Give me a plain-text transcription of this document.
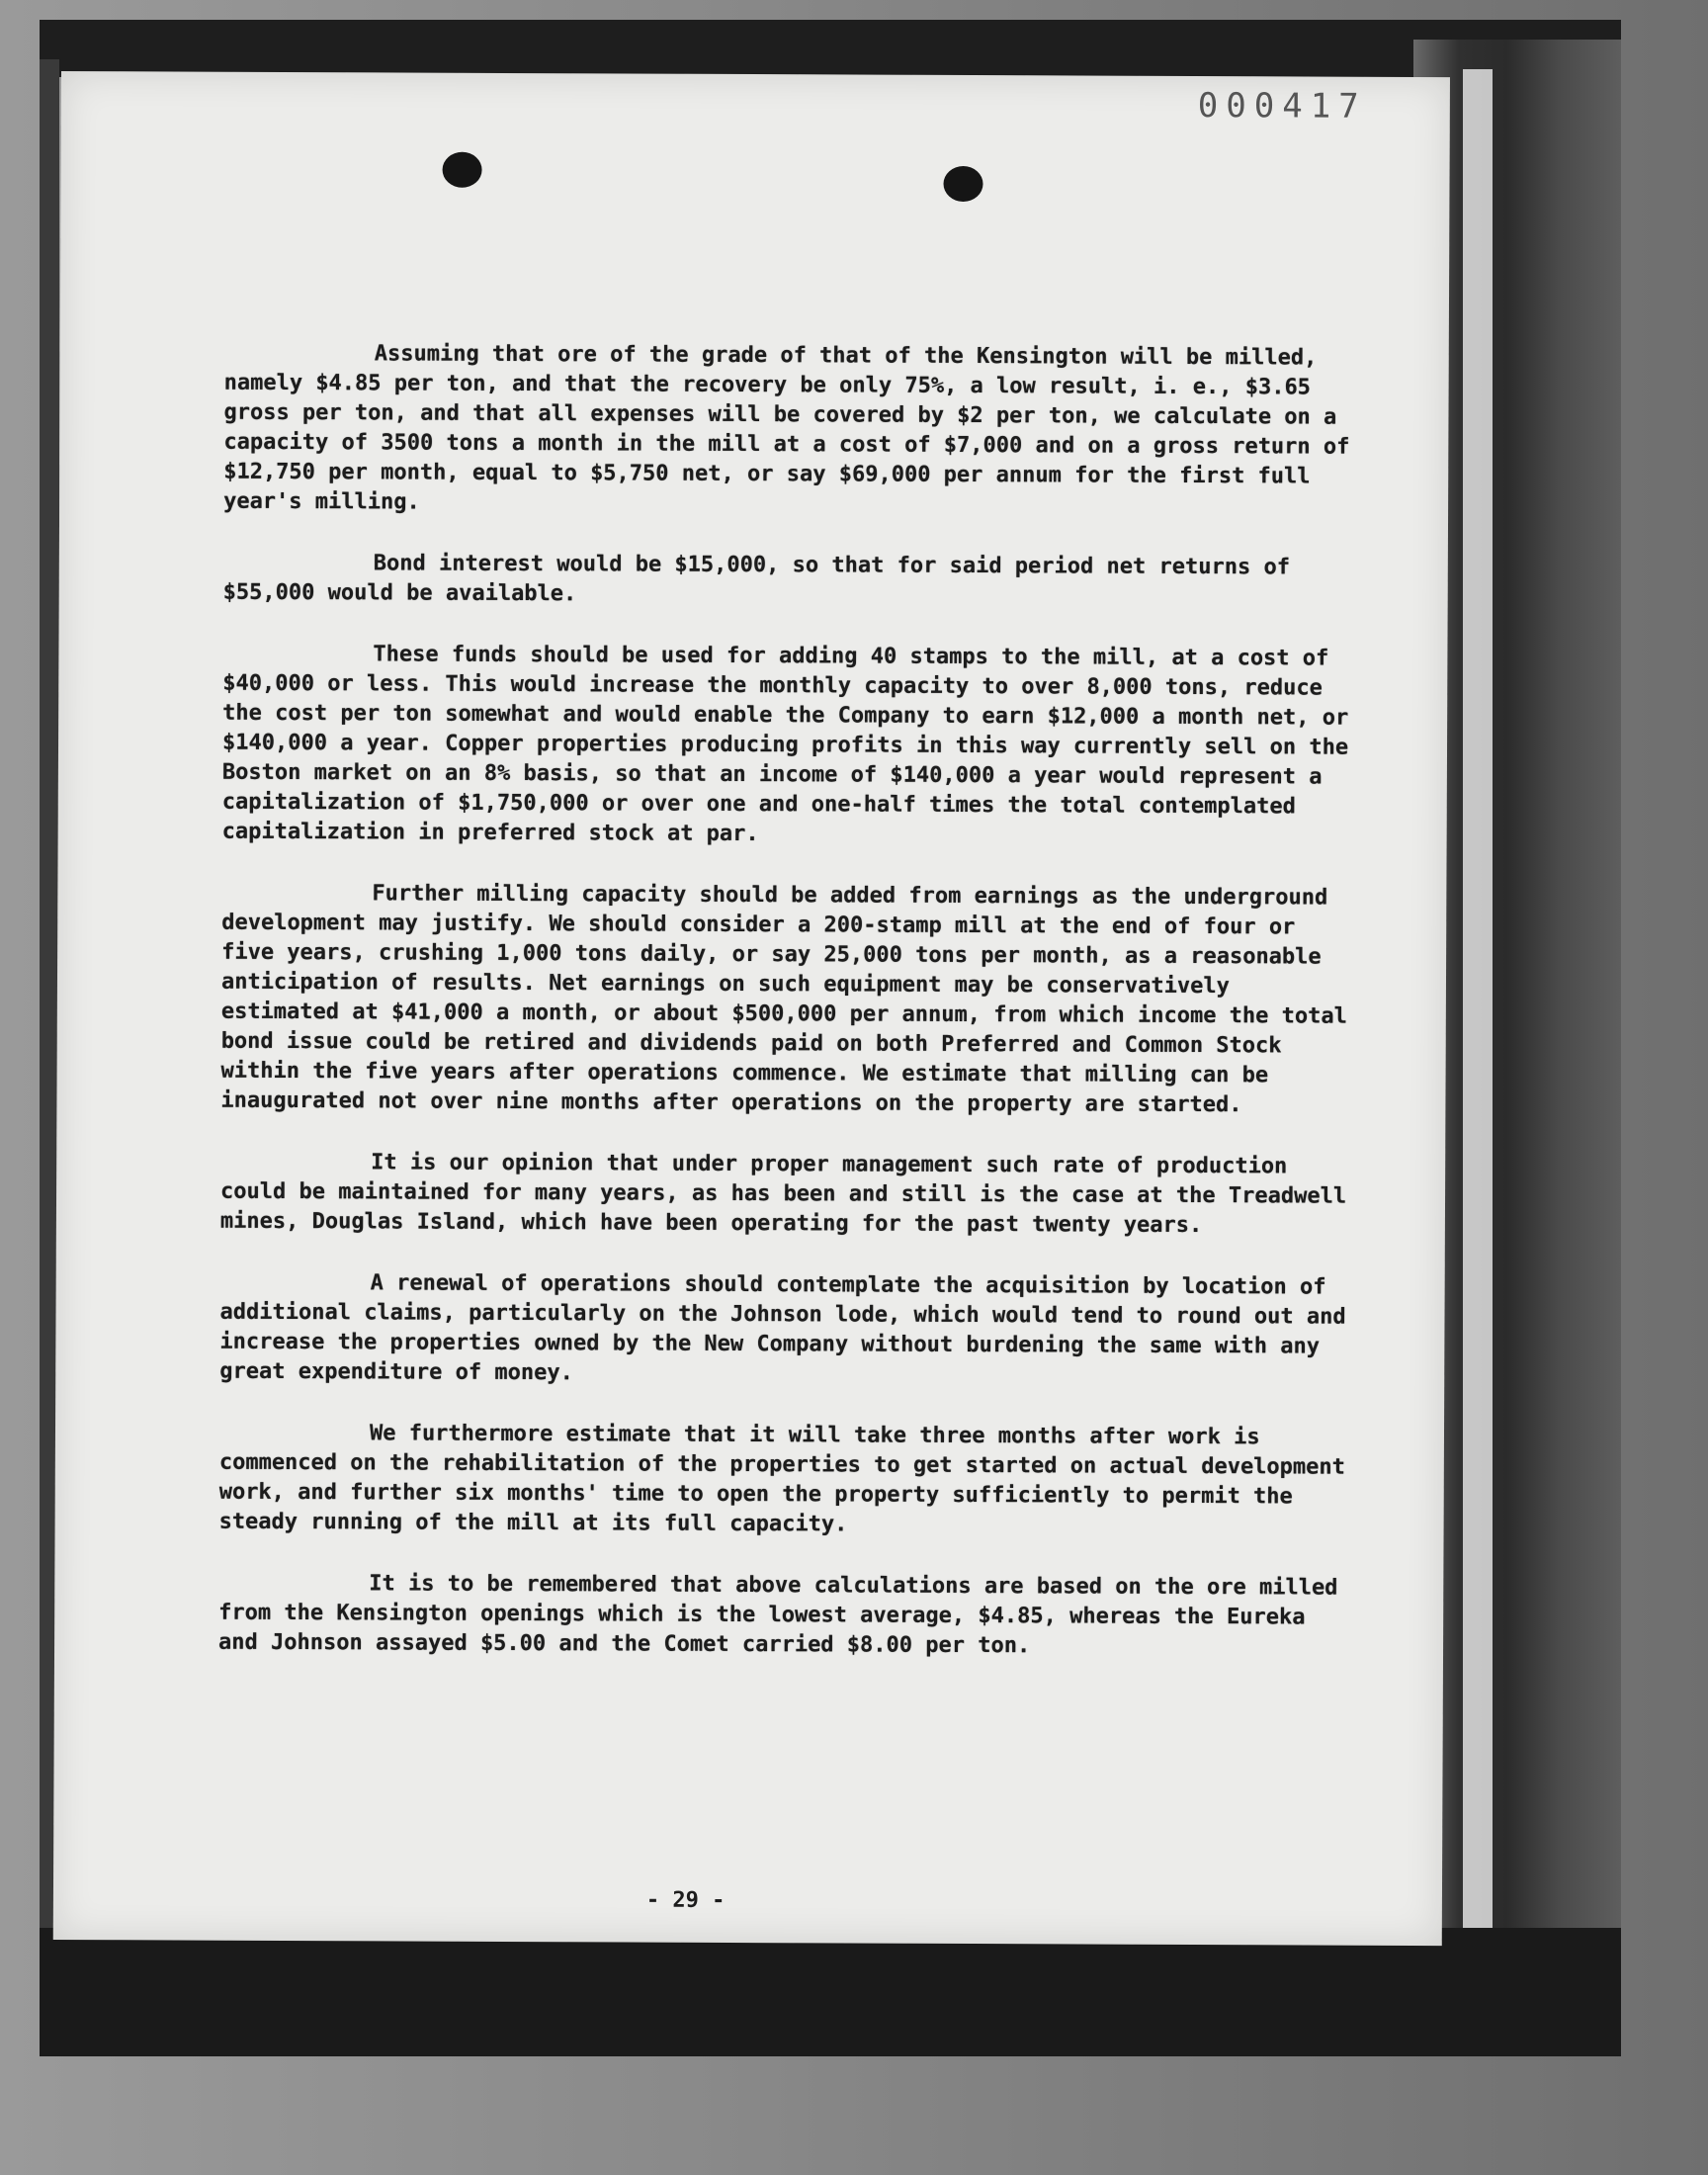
000417

Assuming that ore of the grade of that of the Kensington will be milled, namely $4.85 per ton, and that the recovery be only 75%, a low result, i. e., $3.65 gross per ton, and that all expenses will be covered by $2 per ton, we calculate on a capacity of 3500 tons a month in the mill at a cost of $7,000 and on a gross return of $12,750 per month, equal to $5,750 net, or say $69,000 per annum for the first full year's milling.

Bond interest would be $15,000, so that for said period net returns of $55,000 would be available.

These funds should be used for adding 40 stamps to the mill, at a cost of $40,000 or less. This would increase the monthly capacity to over 8,000 tons, reduce the cost per ton somewhat and would enable the Company to earn $12,000 a month net, or $140,000 a year. Copper properties producing profits in this way currently sell on the Boston market on an 8% basis, so that an income of $140,000 a year would represent a capitalization of $1,750,000 or over one and one-half times the total contemplated capitalization in preferred stock at par.

Further milling capacity should be added from earnings as the underground development may justify. We should consider a 200-stamp mill at the end of four or five years, crushing 1,000 tons daily, or say 25,000 tons per month, as a reasonable anticipation of results. Net earnings on such equipment may be conservatively estimated at $41,000 a month, or about $500,000 per annum, from which income the total bond issue could be retired and dividends paid on both Preferred and Common Stock within the five years after operations commence. We estimate that milling can be inaugurated not over nine months after operations on the property are started.

It is our opinion that under proper management such rate of production could be maintained for many years, as has been and still is the case at the Treadwell mines, Douglas Island, which have been operating for the past twenty years.

A renewal of operations should contemplate the acquisition by location of additional claims, particularly on the Johnson lode, which would tend to round out and increase the properties owned by the New Company without burdening the same with any great expenditure of money.

We furthermore estimate that it will take three months after work is commenced on the rehabilitation of the properties to get started on actual development work, and further six months' time to open the property sufficiently to permit the steady running of the mill at its full capacity.

It is to be remembered that above calculations are based on the ore milled from the Kensington openings which is the lowest average, $4.85, whereas the Eureka and Johnson assayed $5.00 and the Comet carried $8.00 per ton.

- 29 -
